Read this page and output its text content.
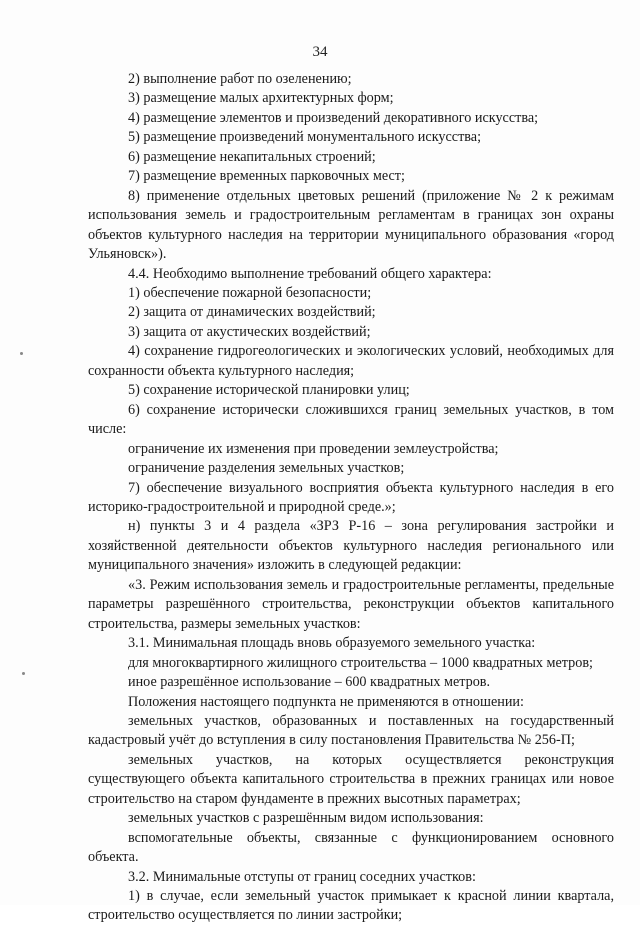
34

2) выполнение работ по озеленению;

3) размещение малых архитектурных форм;

4) размещение элементов и произведений декоративного искусства;

5) размещение произведений монументального искусства;

6) размещение некапитальных строений;

7) размещение временных парковочных мест;

8) применение отдельных цветовых решений (приложение № 2 к режимам использования земель и градостроительным регламентам в границах зон охраны объектов культурного наследия на территории муниципального образования «город Ульяновск»).

4.4. Необходимо выполнение требований общего характера:

1) обеспечение пожарной безопасности;

2) защита от динамических воздействий;

3) защита от акустических воздействий;

4) сохранение гидрогеологических и экологических условий, необходимых для сохранности объекта культурного наследия;

5) сохранение исторической планировки улиц;

6) сохранение исторически сложившихся границ земельных участков, в том числе:

ограничение их изменения при проведении землеустройства;

ограничение разделения земельных участков;

7) обеспечение визуального восприятия объекта культурного наследия в его историко-градостроительной и природной среде.»;

н) пункты 3 и 4 раздела «ЗРЗ Р-16 – зона регулирования застройки и хозяйственной деятельности объектов культурного наследия регионального или муниципального значения» изложить в следующей редакции:

«3. Режим использования земель и градостроительные регламенты, предельные параметры разрешённого строительства, реконструкции объектов капитального строительства, размеры земельных участков:

3.1. Минимальная площадь вновь образуемого земельного участка:

для многоквартирного жилищного строительства – 1000 квадратных метров;

иное разрешённое использование – 600 квадратных метров.

Положения настоящего подпункта не применяются в отношении:

земельных участков, образованных и поставленных на государственный кадастровый учёт до вступления в силу постановления Правительства № 256-П;

земельных участков, на которых осуществляется реконструкция существующего объекта капитального строительства в прежних границах или новое строительство на старом фундаменте в прежних высотных параметрах;

земельных участков с разрешённым видом использования:

вспомогательные объекты, связанные с функционированием основного объекта.

3.2. Минимальные отступы от границ соседних участков:

1) в случае, если земельный участок примыкает к красной линии квартала, строительство осуществляется по линии застройки;
